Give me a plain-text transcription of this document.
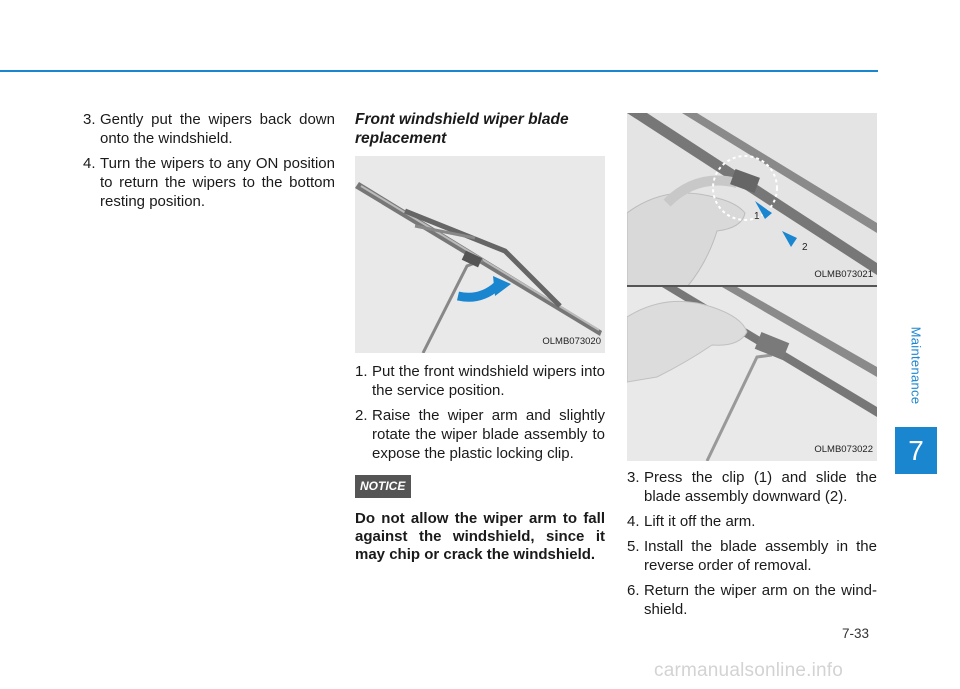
Maintenance
7
3. Gently put the wipers back down onto the windshield.
4. Turn the wipers to any ON position to return the wipers to the bottom resting position.
Front windshield wiper blade replacement
OLMB073020
1. Put the front windshield wipers into the service position.
2. Raise the wiper arm and slightly rotate the wiper blade assembly to expose the plastic locking clip.
NOTICE
Do not allow the wiper arm to fall against the windshield, since it may chip or crack the windshield.
1
2
OLMB073021
OLMB073022
3. Press the clip (1) and slide the blade assembly downward (2).
4. Lift it off the arm.
5. Install the blade assembly in the reverse order of removal.
6. Return the wiper arm on the wind-shield.
7-33
carmanualsonline.info
